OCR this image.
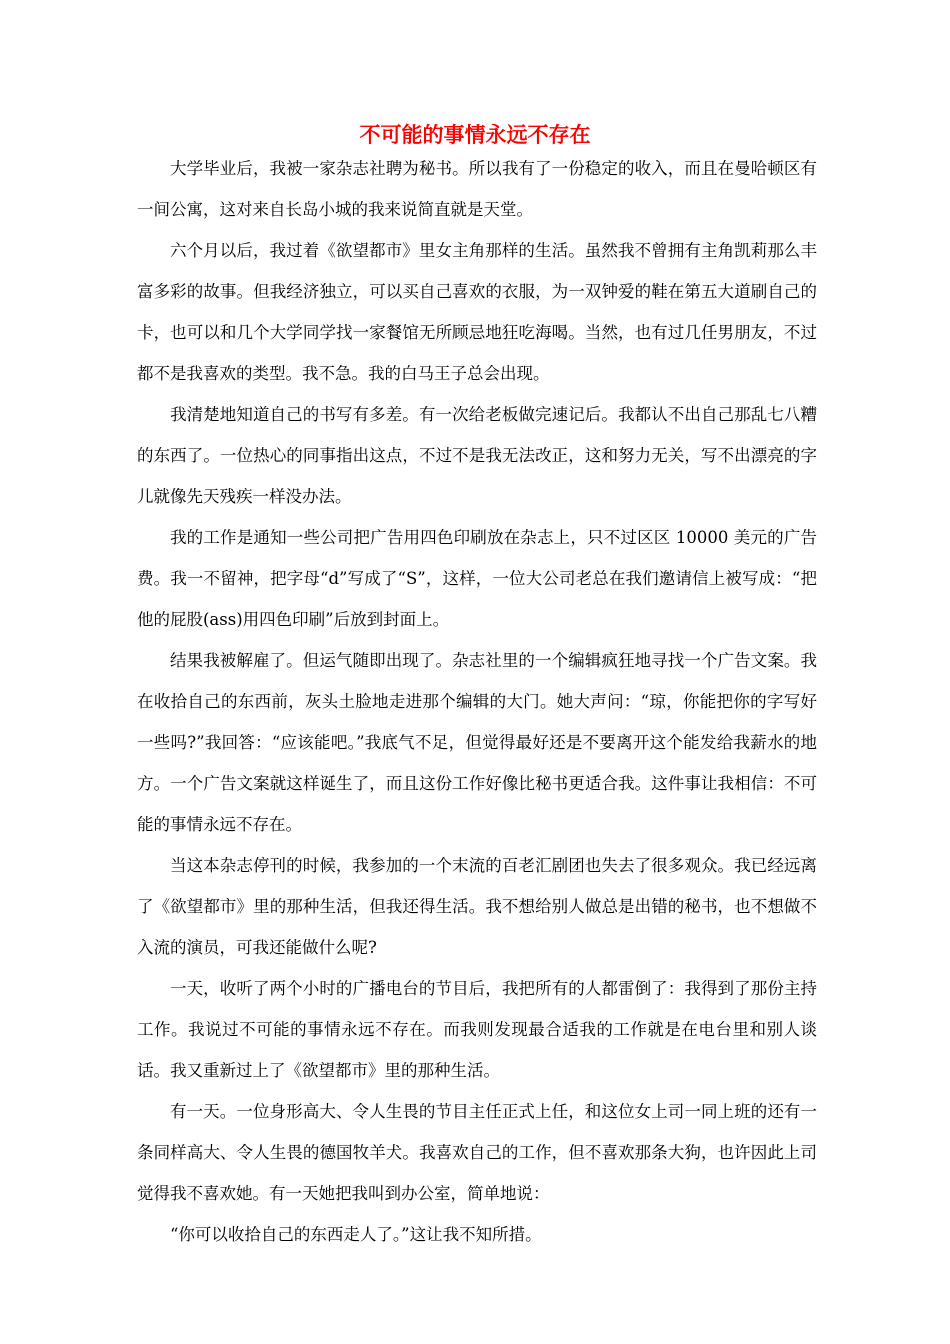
不可能的事情永远不存在

大学毕业后，我被一家杂志社聘为秘书。所以我有了一份稳定的收入，而且在曼哈顿区有一间公寓，这对来自长岛小城的我来说简直就是天堂。

六个月以后，我过着《欲望都市》里女主角那样的生活。虽然我不曾拥有主角凯莉那么丰富多彩的故事。但我经济独立，可以买自己喜欢的衣服，为一双钟爱的鞋在第五大道刷自己的卡，也可以和几个大学同学找一家餐馆无所顾忌地狂吃海喝。当然，也有过几任男朋友，不过都不是我喜欢的类型。我不急。我的白马王子总会出现。

我清楚地知道自己的书写有多差。有一次给老板做完速记后。我都认不出自己那乱七八糟的东西了。一位热心的同事指出这点，不过不是我无法改正，这和努力无关，写不出漂亮的字儿就像先天残疾一样没办法。

我的工作是通知一些公司把广告用四色印刷放在杂志上，只不过区区 10000 美元的广告费。我一不留神，把字母“d”写成了“S”，这样，一位大公司老总在我们邀请信上被写成：“把他的屁股(ass)用四色印刷”后放到封面上。

结果我被解雇了。但运气随即出现了。杂志社里的一个编辑疯狂地寻找一个广告文案。我在收拾自己的东西前，灰头土脸地走进那个编辑的大门。她大声问：“琼，你能把你的字写好一些吗?”我回答：“应该能吧。”我底气不足，但觉得最好还是不要离开这个能发给我薪水的地方。一个广告文案就这样诞生了，而且这份工作好像比秘书更适合我。这件事让我相信：不可能的事情永远不存在。

当这本杂志停刊的时候，我参加的一个末流的百老汇剧团也失去了很多观众。我已经远离了《欲望都市》里的那种生活，但我还得生活。我不想给别人做总是出错的秘书，也不想做不入流的演员，可我还能做什么呢?

一天，收听了两个小时的广播电台的节目后，我把所有的人都雷倒了：我得到了那份主持工作。我说过不可能的事情永远不存在。而我则发现最合适我的工作就是在电台里和别人谈话。我又重新过上了《欲望都市》里的那种生活。

有一天。一位身形高大、令人生畏的节目主任正式上任，和这位女上司一同上班的还有一条同样高大、令人生畏的德国牧羊犬。我喜欢自己的工作，但不喜欢那条大狗，也许因此上司觉得我不喜欢她。有一天她把我叫到办公室，简单地说：

“你可以收拾自己的东西走人了。”这让我不知所措。
